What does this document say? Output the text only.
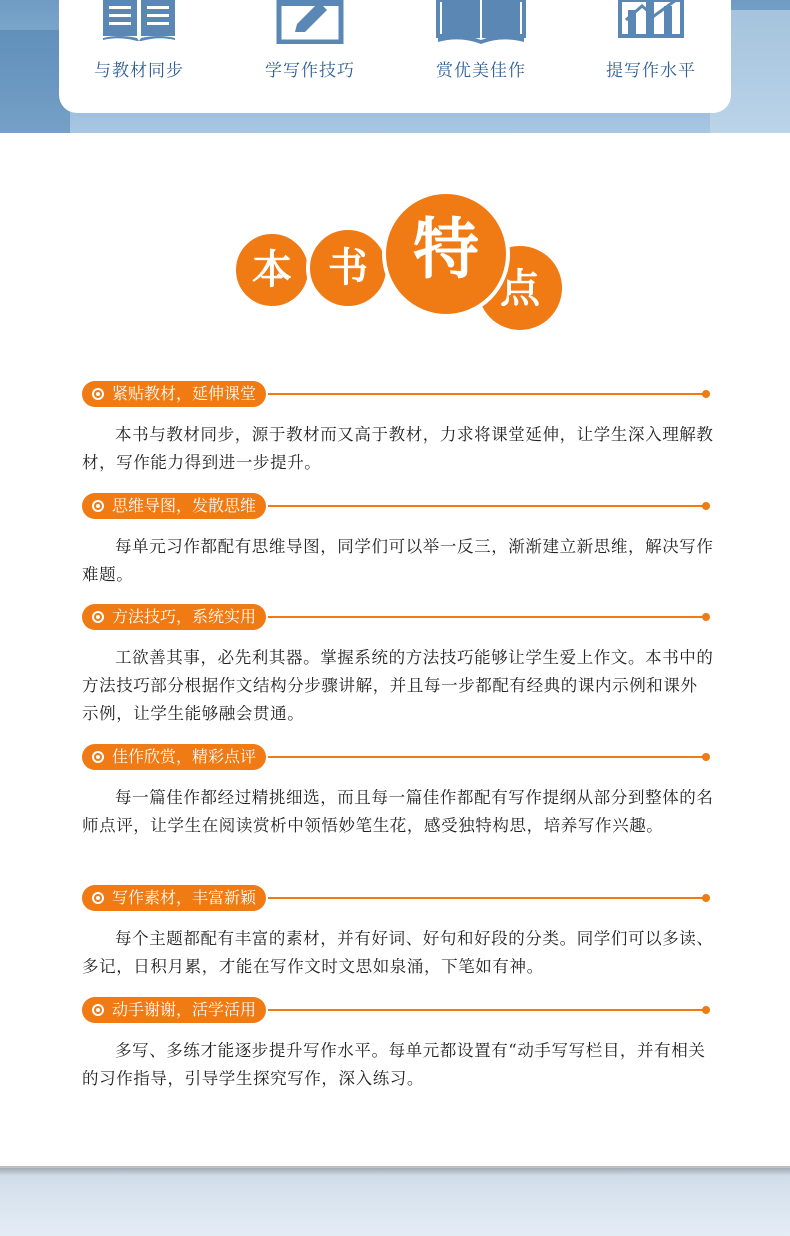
与教材同步	学写作技巧	赏优美佳作	提写作水平
本 书	点
特
紧贴教材，延伸课堂
本书与教材同步，源于教材而又高于教材，力求将课堂延伸，让学生深入理解教材，写作能力得到进一步提升。
思维导图，发散思维
每单元习作都配有思维导图，同学们可以举一反三，渐渐建立新思维，解决写作难题。
方法技巧，系统实用
工欲善其事，必先利其器。掌握系统的方法技巧能够让学生爱上作文。本书中的方法技巧部分根据作文结构分步骤讲解，并且每一步都配有经典的课内示例和课外示例，让学生能够融会贯通。
佳作欣赏，精彩点评
每一篇佳作都经过精挑细选，而且每一篇佳作都配有写作提纲从部分到整体的名师点评，让学生在阅读赏析中领悟妙笔生花，感受独特构思，培养写作兴趣。
写作素材，丰富新颖
每个主题都配有丰富的素材，并有好词、好句和好段的分类。同学们可以多读、多记，日积月累，才能在写作文时文思如泉涌，下笔如有神。
动手谢谢，活学活用
多写、多练才能逐步提升写作水平。每单元都设置有“动手写写栏目，并有相关的习作指导，引导学生探究写作，深入练习。
